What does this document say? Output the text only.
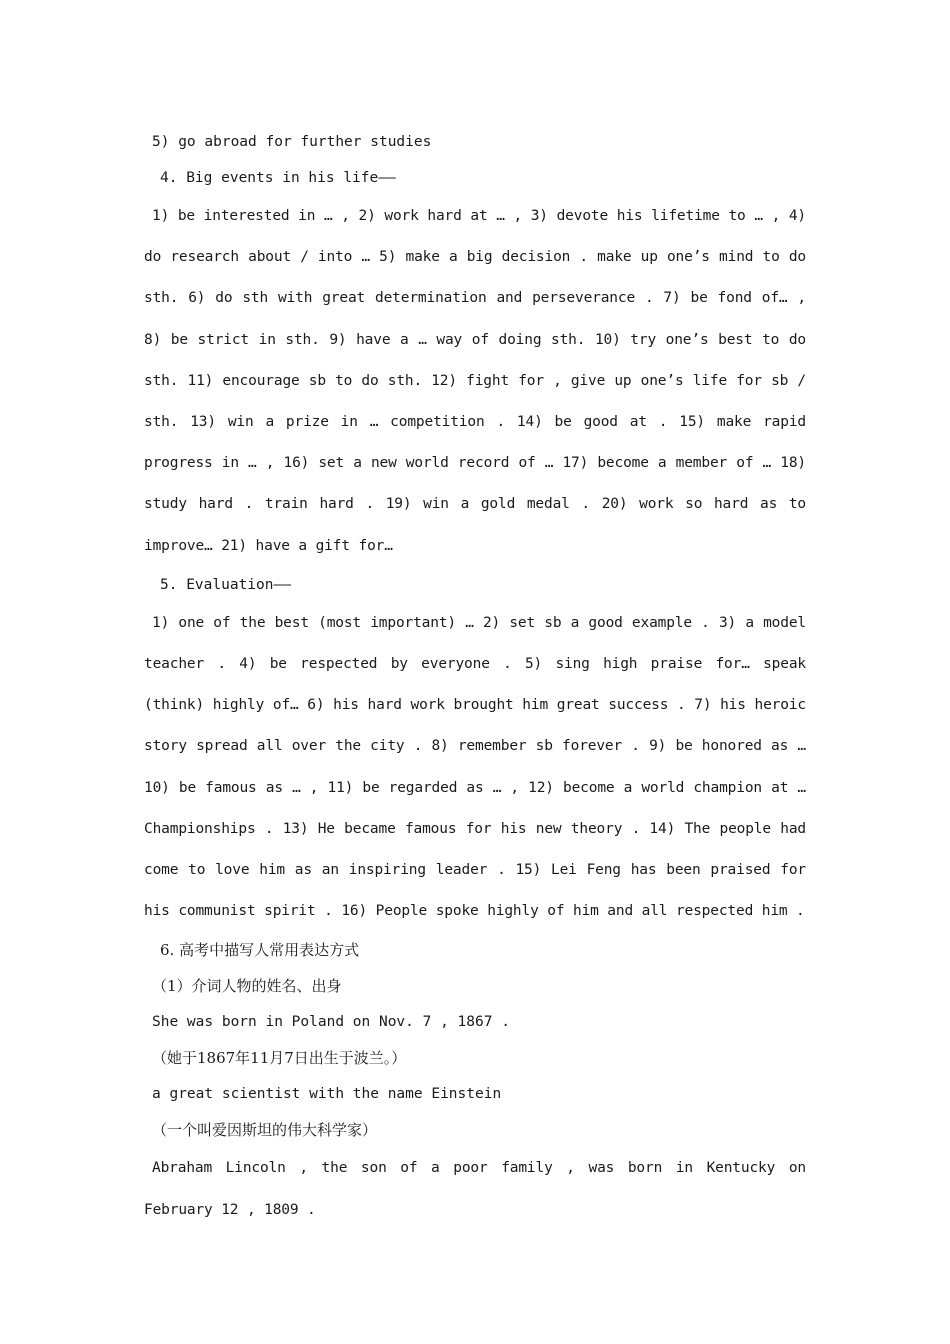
5) go abroad for further studies

4. Big events in his life——

1) be interested in … , 2) work hard at … , 3) devote his lifetime to … , 4) do research about / into … 5) make a big decision . make up one’s mind to do sth. 6) do sth with great determination and perseverance . 7) be fond of… , 8) be strict in sth. 9) have a … way of doing sth. 10) try one’s best to do sth. 11) encourage sb to do sth. 12) fight for , give up one’s life for sb / sth. 13) win a prize in … competition . 14) be good at . 15) make rapid progress in … , 16) set a new world record of … 17) become a member of … 18) study hard . train hard . 19) win a gold medal . 20) work so hard as to improve… 21) have a gift for…

5. Evaluation——

1) one of the best (most important) … 2) set sb a good example . 3) a model teacher . 4) be respected by everyone . 5) sing high praise for… speak (think) highly of… 6) his hard work brought him great success . 7) his heroic story spread all over the city . 8) remember sb forever . 9) be honored as … 10) be famous as … , 11) be regarded as … , 12) become a world champion at … Championships . 13) He became famous for his new theory . 14) The people had come to love him as an inspiring leader . 15) Lei Feng has been praised for his communist spirit . 16) People spoke highly of him and all respected him .

6. 高考中描写人常用表达方式

（1）介词人物的姓名、出身

She was born in Poland on Nov. 7 , 1867 .

（她于1867年11月7日出生于波兰。）

a great scientist with the name Einstein

（一个叫爱因斯坦的伟大科学家）

Abraham Lincoln , the son of a poor family , was born in Kentucky on February 12 , 1809 .
